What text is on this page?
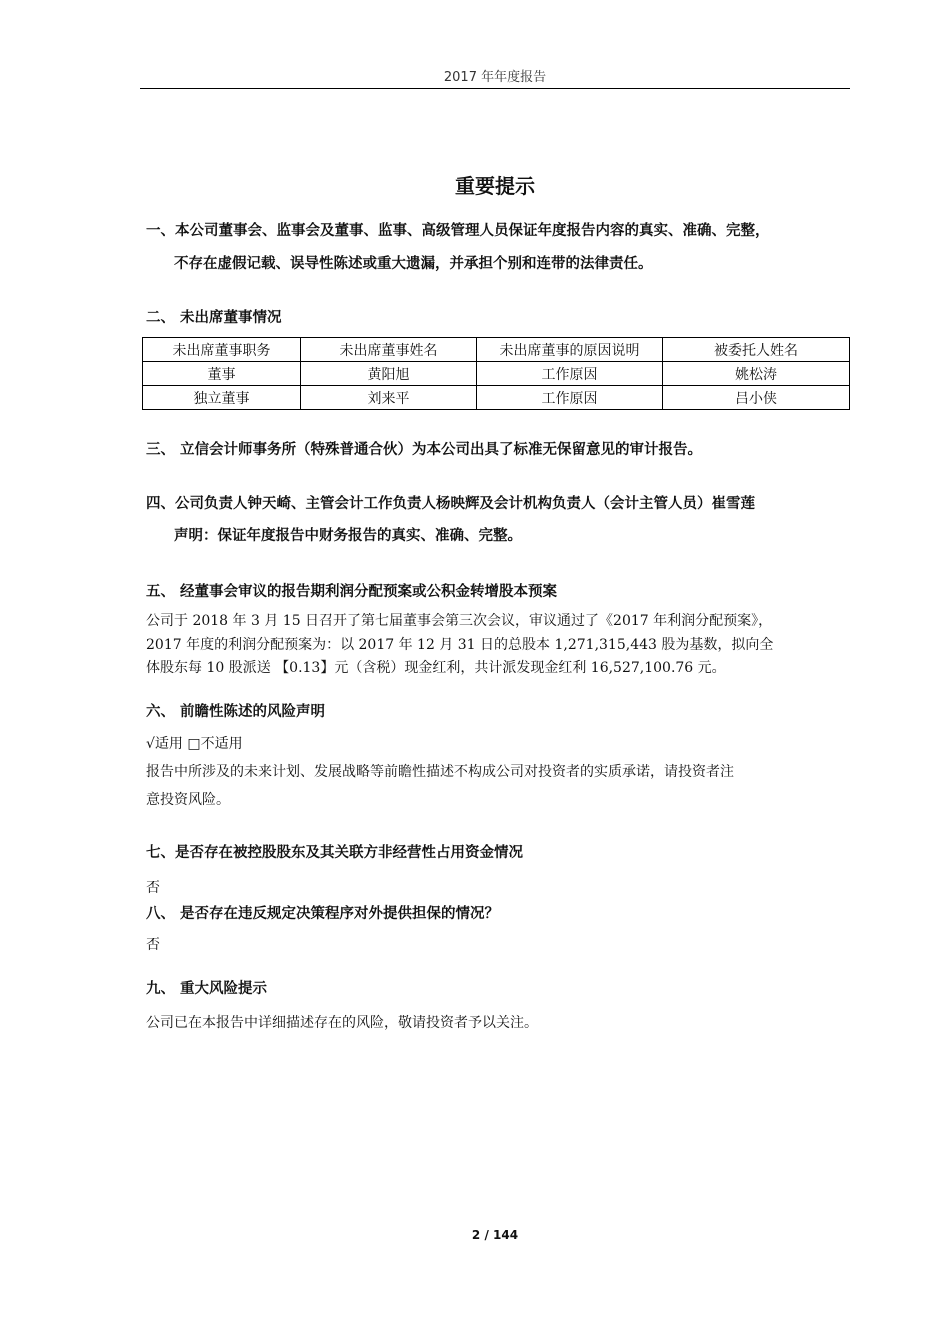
2017 年年度报告
重要提示
一、本公司董事会、监事会及董事、监事、高级管理人员保证年度报告内容的真实、准确、完整，
不存在虚假记载、误导性陈述或重大遗漏，并承担个别和连带的法律责任。
二、 未出席董事情况
未出席董事职务	未出席董事姓名	未出席董事的原因说明	被委托人姓名
董事	黄阳旭	工作原因	姚松涛
独立董事	刘来平	工作原因	吕小侠
三、 立信会计师事务所（特殊普通合伙）为本公司出具了标准无保留意见的审计报告。
四、公司负责人钟天崎、主管会计工作负责人杨映辉及会计机构负责人（会计主管人员）崔雪莲
声明：保证年度报告中财务报告的真实、准确、完整。
五、 经董事会审议的报告期利润分配预案或公积金转增股本预案
公司于 2018 年 3 月 15 日召开了第七届董事会第三次会议，审议通过了《2017 年利润分配预案》，
2017 年度的利润分配预案为：以 2017 年 12 月 31 日的总股本 1,271,315,443 股为基数，拟向全
体股东每 10 股派送 【0.13】元（含税）现金红利，共计派发现金红利 16,527,100.76 元。
六、 前瞻性陈述的风险声明
√适用 □不适用
报告中所涉及的未来计划、发展战略等前瞻性描述不构成公司对投资者的实质承诺，请投资者注
意投资风险。
七、是否存在被控股股东及其关联方非经营性占用资金情况
否
八、 是否存在违反规定决策程序对外提供担保的情况？
否
九、 重大风险提示
公司已在本报告中详细描述存在的风险，敬请投资者予以关注。
2 / 144
